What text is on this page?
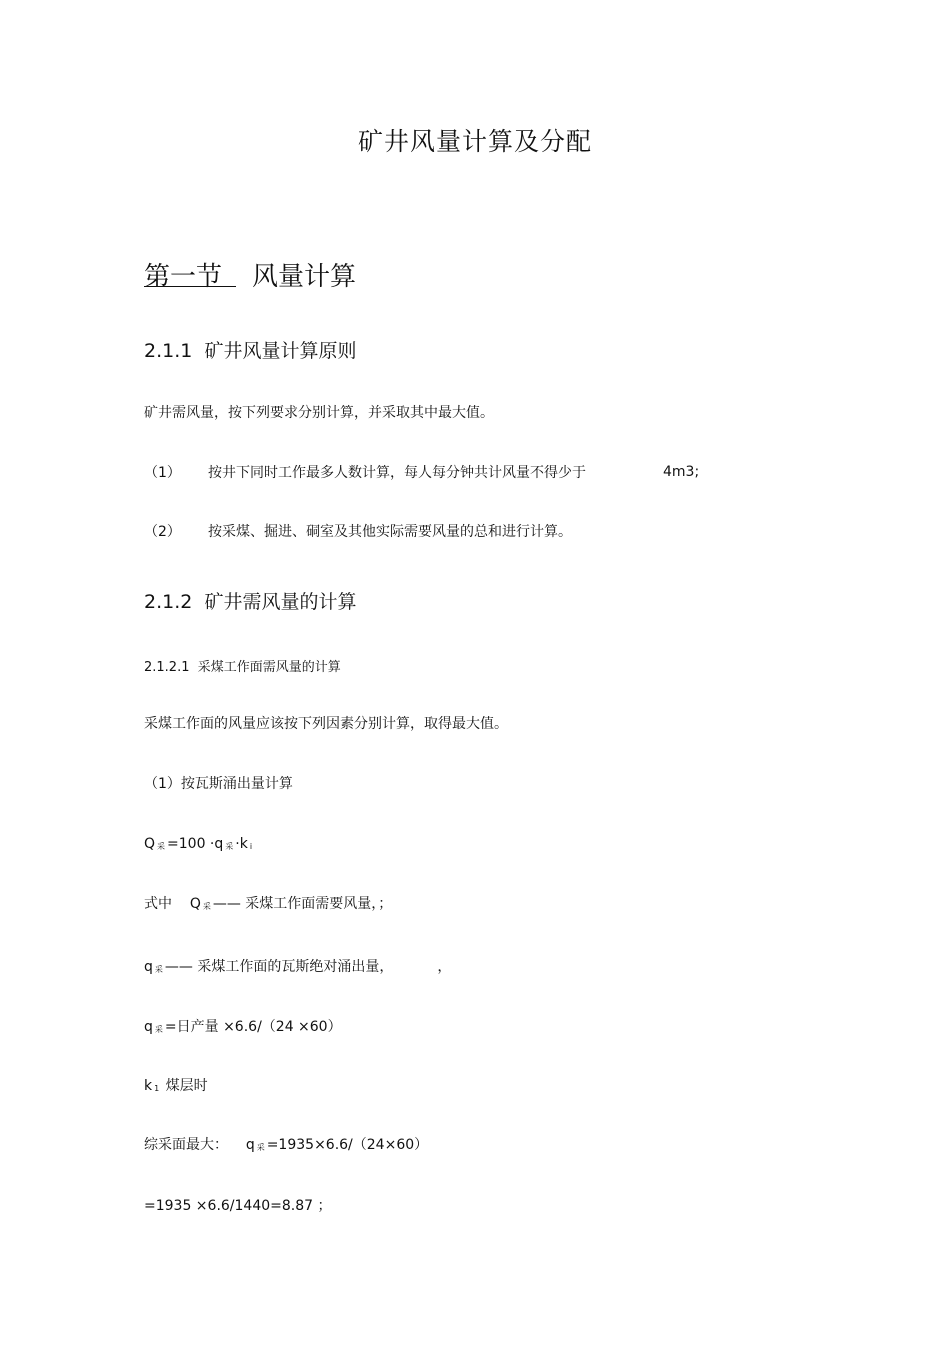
矿井风量计算及分配
第一节 风量计算
2.1.1 矿井风量计算原则
矿井需风量，按下列要求分别计算，并采取其中最大值。
（1） 按井下同时工作最多人数计算，每人每分钟共计风量不得少于	4m3;
（2） 按采煤、掘进、硐室及其他实际需要风量的总和进行计算。
2.1.2 矿井需风量的计算
2.1.2.1 采煤工作面需风量的计算
采煤工作面的风量应该按下列因素分别计算，取得最大值。
（1）按瓦斯涌出量计算
Q采 =100 ·q 采 ·k i
式中 Q 采 —— 采煤工作面需要风量，；
q采 —— 采煤工作面的瓦斯绝对涌出量，	，
q采 =日产量 ×6.6/（24 ×60）
k 1 煤层时
综采面最大： q 采 =1935×6.6/（24×60）
=1935 ×6.6/1440=8.87 ；
